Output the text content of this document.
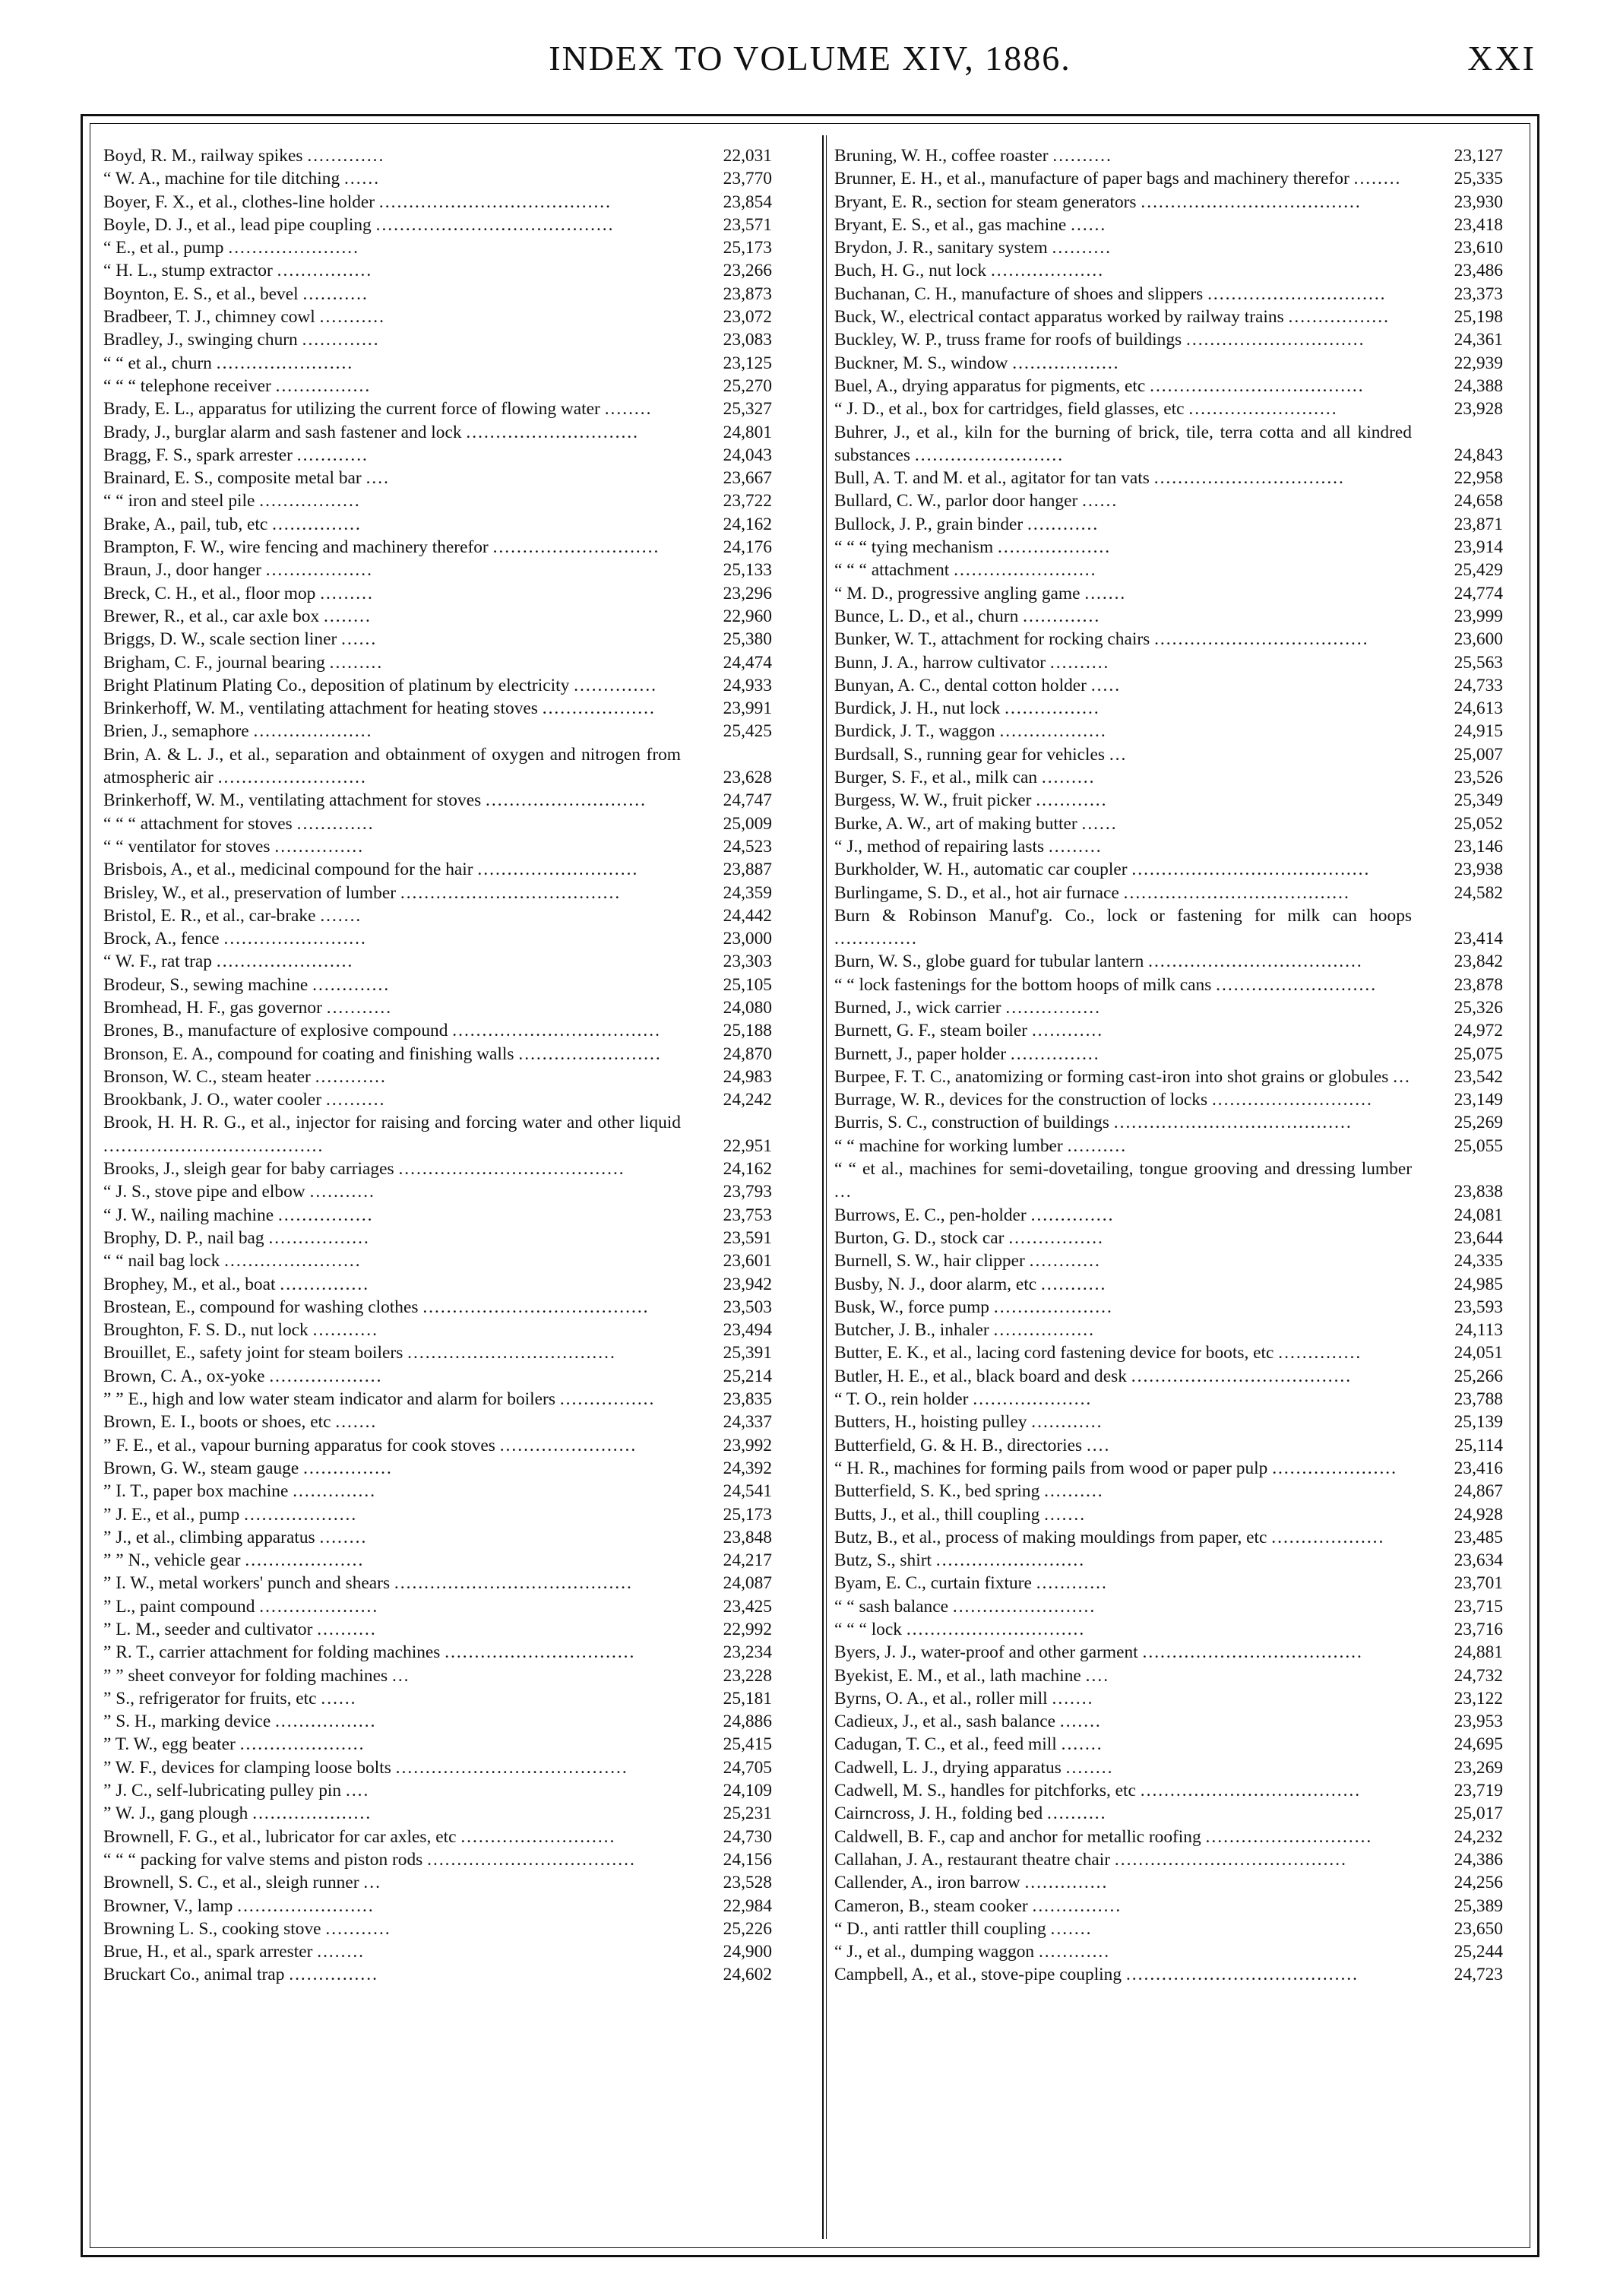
INDEX TO VOLUME XIV, 1886.	XXI
Boyd, R. M., railway spikes .............	22,031
“ W. A., machine for tile ditching ......	23,770
Boyer, F. X., et al., clothes-line holder .......................................	23,854
Boyle, D. J., et al., lead pipe coupling ........................................	23,571
“ E., et al., pump ......................	25,173
“ H. L., stump extractor ................	23,266
Boynton, E. S., et al., bevel ...........	23,873
Bradbeer, T. J., chimney cowl ...........	23,072
Bradley, J., swinging churn .............	23,083
“ “ et al., churn .......................	23,125
“ “ “ telephone receiver ................	25,270
Brady, E. L., apparatus for utilizing the current force of flowing water ........	25,327
Brady, J., burglar alarm and sash fastener and lock .............................	24,801
Bragg, F. S., spark arrester ............	24,043
Brainard, E. S., composite metal bar ....	23,667
“ “ iron and steel pile .................	23,722
Brake, A., pail, tub, etc ...............	24,162
Brampton, F. W., wire fencing and machinery therefor ............................	24,176
Braun, J., door hanger ..................	25,133
Breck, C. H., et al., floor mop .........	23,296
Brewer, R., et al., car axle box ........	22,960
Briggs, D. W., scale section liner ......	25,380
Brigham, C. F., journal bearing .........	24,474
Bright Platinum Plating Co., deposition of platinum by electricity ..............	24,933
Brinkerhoff, W. M., ventilating attachment for heating stoves ...................	23,991
Brien, J., semaphore ....................	25,425
Brin, A. & L. J., et al., separation and obtainment of oxygen and nitrogen from atmospheric air .........................	23,628
Brinkerhoff, W. M., ventilating attachment for stoves ...........................	24,747
“ “ “ attachment for stoves .............	25,009
“ “ ventilator for stoves ...............	24,523
Brisbois, A., et al., medicinal compound for the hair ...........................	23,887
Brisley, W., et al., preservation of lumber .....................................	24,359
Bristol, E. R., et al., car-brake .......	24,442
Brock, A., fence ........................	23,000
“ W. F., rat trap .......................	23,303
Brodeur, S., sewing machine .............	25,105
Bromhead, H. F., gas governor ...........	24,080
Brones, B., manufacture of explosive compound ...................................	25,188
Bronson, E. A., compound for coating and finishing walls ........................	24,870
Bronson, W. C., steam heater ............	24,983
Brookbank, J. O., water cooler ..........	24,242
Brook, H. H. R. G., et al., injector for raising and forcing water and other liquid .....................................	22,951
Brooks, J., sleigh gear for baby carriages ......................................	24,162
“ J. S., stove pipe and elbow ...........	23,793
“ J. W., nailing machine ................	23,753
Brophy, D. P., nail bag .................	23,591
“ “ nail bag lock .......................	23,601
Brophey, M., et al., boat ...............	23,942
Brostean, E., compound for washing clothes ......................................	23,503
Broughton, F. S. D., nut lock ...........	23,494
Brouillet, E., safety joint for steam boilers ...................................	25,391
Brown, C. A., ox-yoke ...................	25,214
” ” E., high and low water steam indicator and alarm for boilers ................	23,835
Brown, E. I., boots or shoes, etc .......	24,337
” F. E., et al., vapour burning apparatus for cook stoves .......................	23,992
Brown, G. W., steam gauge ...............	24,392
” I. T., paper box machine ..............	24,541
” J. E., et al., pump ...................	25,173
” J., et al., climbing apparatus ........	23,848
” ” N., vehicle gear ....................	24,217
” I. W., metal workers' punch and shears ........................................	24,087
” L., paint compound ....................	23,425
” L. M., seeder and cultivator ..........	22,992
” R. T., carrier attachment for folding machines ................................	23,234
” ” sheet conveyor for folding machines ...	23,228
” S., refrigerator for fruits, etc ......	25,181
” S. H., marking device .................	24,886
” T. W., egg beater .....................	25,415
” W. F., devices for clamping loose bolts .......................................	24,705
” J. C., self-lubricating pulley pin ....	24,109
” W. J., gang plough ....................	25,231
Brownell, F. G., et al., lubricator for car axles, etc ..........................	24,730
“ “ “ packing for valve stems and piston rods ...................................	24,156
Brownell, S. C., et al., sleigh runner ...	23,528
Browner, V., lamp .......................	22,984
Browning L. S., cooking stove ...........	25,226
Brue, H., et al., spark arrester ........	24,900
Bruckart Co., animal trap ...............	24,602
Bruning, W. H., coffee roaster ..........	23,127
Brunner, E. H., et al., manufacture of paper bags and machinery therefor ........	25,335
Bryant, E. R., section for steam generators .....................................	23,930
Bryant, E. S., et al., gas machine ......	23,418
Brydon, J. R., sanitary system ..........	23,610
Buch, H. G., nut lock ...................	23,486
Buchanan, C. H., manufacture of shoes and slippers ..............................	23,373
Buck, W., electrical contact apparatus worked by railway trains .................	25,198
Buckley, W. P., truss frame for roofs of buildings ..............................	24,361
Buckner, M. S., window ..................	22,939
Buel, A., drying apparatus for pigments, etc ....................................	24,388
“ J. D., et al., box for cartridges, field glasses, etc .........................	23,928
Buhrer, J., et al., kiln for the burning of brick, tile, terra cotta and all kindred substances .........................	24,843
Bull, A. T. and M. et al., agitator for tan vats ................................	22,958
Bullard, C. W., parlor door hanger ......	24,658
Bullock, J. P., grain binder ............	23,871
“ “ “ tying mechanism ...................	23,914
“ “ “ attachment ........................	25,429
“ M. D., progressive angling game .......	24,774
Bunce, L. D., et al., churn .............	23,999
Bunker, W. T., attachment for rocking chairs ....................................	23,600
Bunn, J. A., harrow cultivator ..........	25,563
Bunyan, A. C., dental cotton holder .....	24,733
Burdick, J. H., nut lock ................	24,613
Burdick, J. T., waggon ..................	24,915
Burdsall, S., running gear for vehicles ...	25,007
Burger, S. F., et al., milk can .........	23,526
Burgess, W. W., fruit picker ............	25,349
Burke, A. W., art of making butter ......	25,052
“ J., method of repairing lasts .........	23,146
Burkholder, W. H., automatic car coupler ........................................	23,938
Burlingame, S. D., et al., hot air furnace ......................................	24,582
Burn & Robinson Manuf'g. Co., lock or fastening for milk can hoops ..............	23,414
Burn, W. S., globe guard for tubular lantern ....................................	23,842
“ “ lock fastenings for the bottom hoops of milk cans ...........................	23,878
Burned, J., wick carrier ................	25,326
Burnett, G. F., steam boiler ............	24,972
Burnett, J., paper holder ...............	25,075
Burpee, F. T. C., anatomizing or forming cast-iron into shot grains or globules ...	23,542
Burrage, W. R., devices for the construction of locks ...........................	23,149
Burris, S. C., construction of buildings ........................................	25,269
“ “ machine for working lumber ..........	25,055
“ “ et al., machines for semi-dovetailing, tongue grooving and dressing lumber ...	23,838
Burrows, E. C., pen-holder ..............	24,081
Burton, G. D., stock car ................	23,644
Burnell, S. W., hair clipper ............	24,335
Busby, N. J., door alarm, etc ...........	24,985
Busk, W., force pump ....................	23,593
Butcher, J. B., inhaler .................	24,113
Butter, E. K., et al., lacing cord fastening device for boots, etc ..............	24,051
Butler, H. E., et al., black board and desk .....................................	25,266
“ T. O., rein holder ....................	23,788
Butters, H., hoisting pulley ............	25,139
Butterfield, G. & H. B., directories ....	25,114
“ H. R., machines for forming pails from wood or paper pulp .....................	23,416
Butterfield, S. K., bed spring ..........	24,867
Butts, J., et al., thill coupling .......	24,928
Butz, B., et al., process of making mouldings from paper, etc ...................	23,485
Butz, S., shirt .........................	23,634
Byam, E. C., curtain fixture ............	23,701
“ “ sash balance ........................	23,715
“ “ “ lock ..............................	23,716
Byers, J. J., water-proof and other garment .....................................	24,881
Byekist, E. M., et al., lath machine ....	24,732
Byrns, O. A., et al., roller mill .......	23,122
Cadieux, J., et al., sash balance .......	23,953
Cadugan, T. C., et al., feed mill .......	24,695
Cadwell, L. J., drying apparatus ........	23,269
Cadwell, M. S., handles for pitchforks, etc .....................................	23,719
Cairncross, J. H., folding bed ..........	25,017
Caldwell, B. F., cap and anchor for metallic roofing ............................	24,232
Callahan, J. A., restaurant theatre chair .......................................	24,386
Callender, A., iron barrow ..............	24,256
Cameron, B., steam cooker ...............	25,389
“ D., anti rattler thill coupling .......	23,650
“ J., et al., dumping waggon ............	25,244
Campbell, A., et al., stove-pipe coupling .......................................	24,723
